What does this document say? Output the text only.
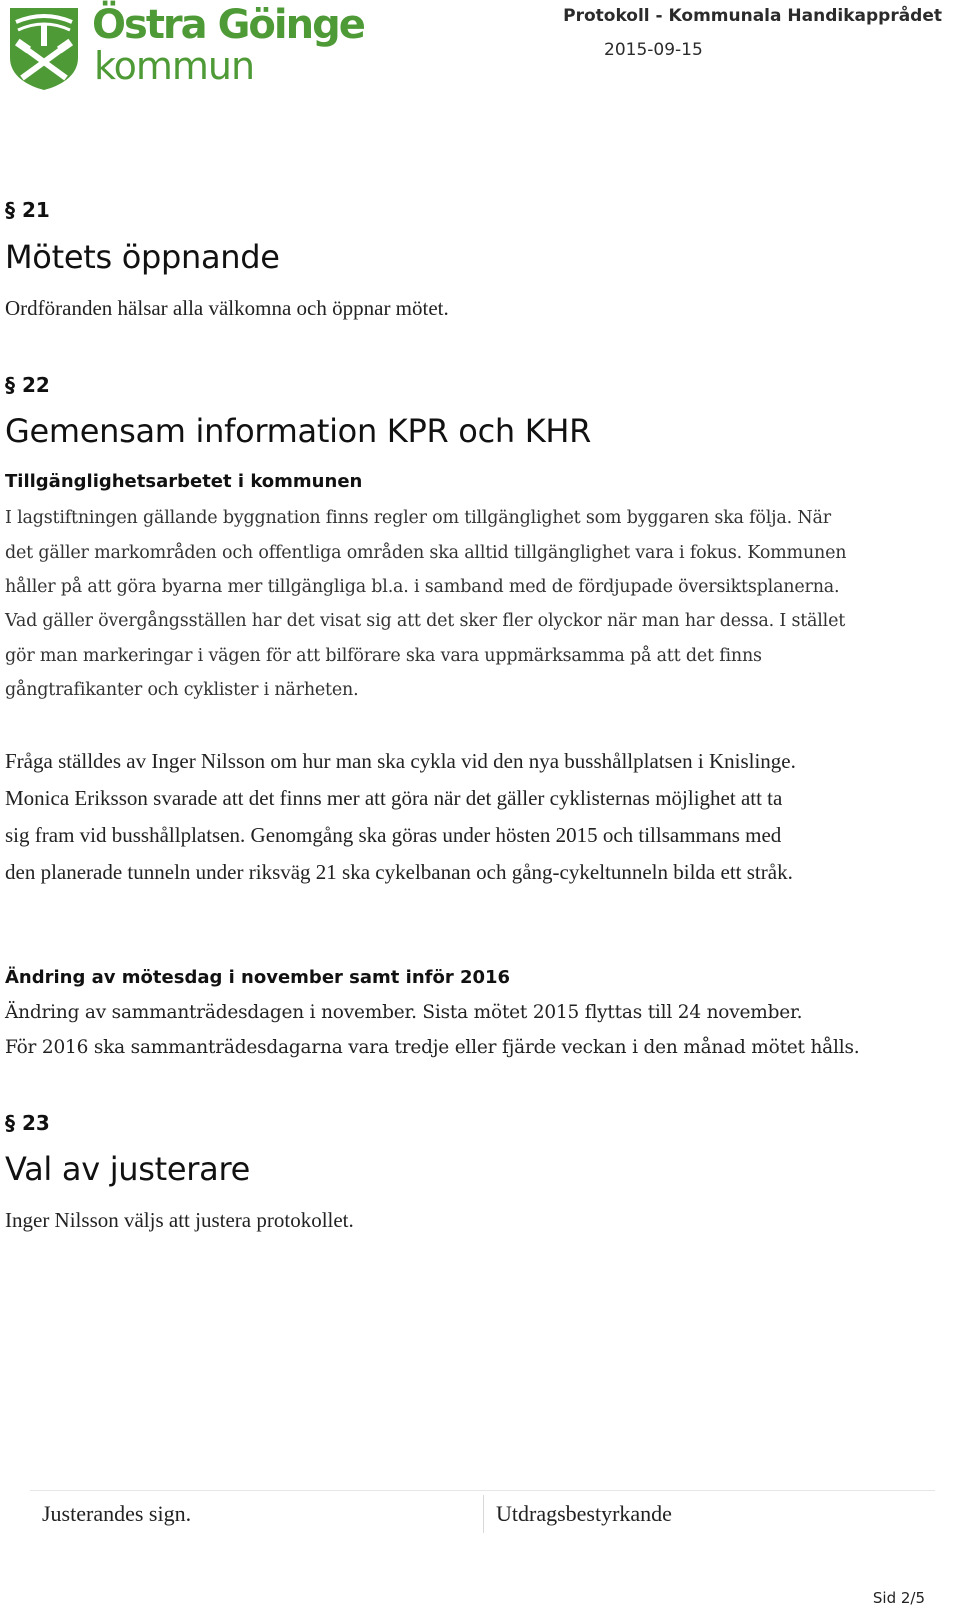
Östra Göinge
kommun
Protokoll - Kommunala Handikapprådet
2015-09-15
§ 21
Mötets öppnande
Ordföranden hälsar alla välkomna och öppnar mötet.
§ 22
Gemensam information KPR och KHR
Tillgänglighetsarbetet i kommunen
I lagstiftningen gällande byggnation finns regler om tillgänglighet som byggaren ska följa. När
det gäller markområden och offentliga områden ska alltid tillgänglighet vara i fokus. Kommunen
håller på att göra byarna mer tillgängliga bl.a. i samband med de fördjupade översiktsplanerna.
Vad gäller övergångsställen har det visat sig att det sker fler olyckor när man har dessa. I stället
gör man markeringar i vägen för att bilförare ska vara uppmärksamma på att det finns
gångtrafikanter och cyklister i närheten.
Fråga ställdes av Inger Nilsson om hur man ska cykla vid den nya busshållplatsen i Knislinge.
Monica Eriksson svarade att det finns mer att göra när det gäller cyklisternas möjlighet att ta
sig fram vid busshållplatsen. Genomgång ska göras under hösten 2015 och tillsammans med
den planerade tunneln under riksväg 21 ska cykelbanan och gång-cykeltunneln bilda ett stråk.
Ändring av mötesdag i november samt inför 2016
Ändring av sammanträdesdagen i november. Sista mötet 2015 flyttas till 24 november.
För 2016 ska sammanträdesdagarna vara tredje eller fjärde veckan i den månad mötet hålls.
§ 23
Val av justerare
Inger Nilsson väljs att justera protokollet.
Justerandes sign.	Utdragsbestyrkande
Sid 2/5
